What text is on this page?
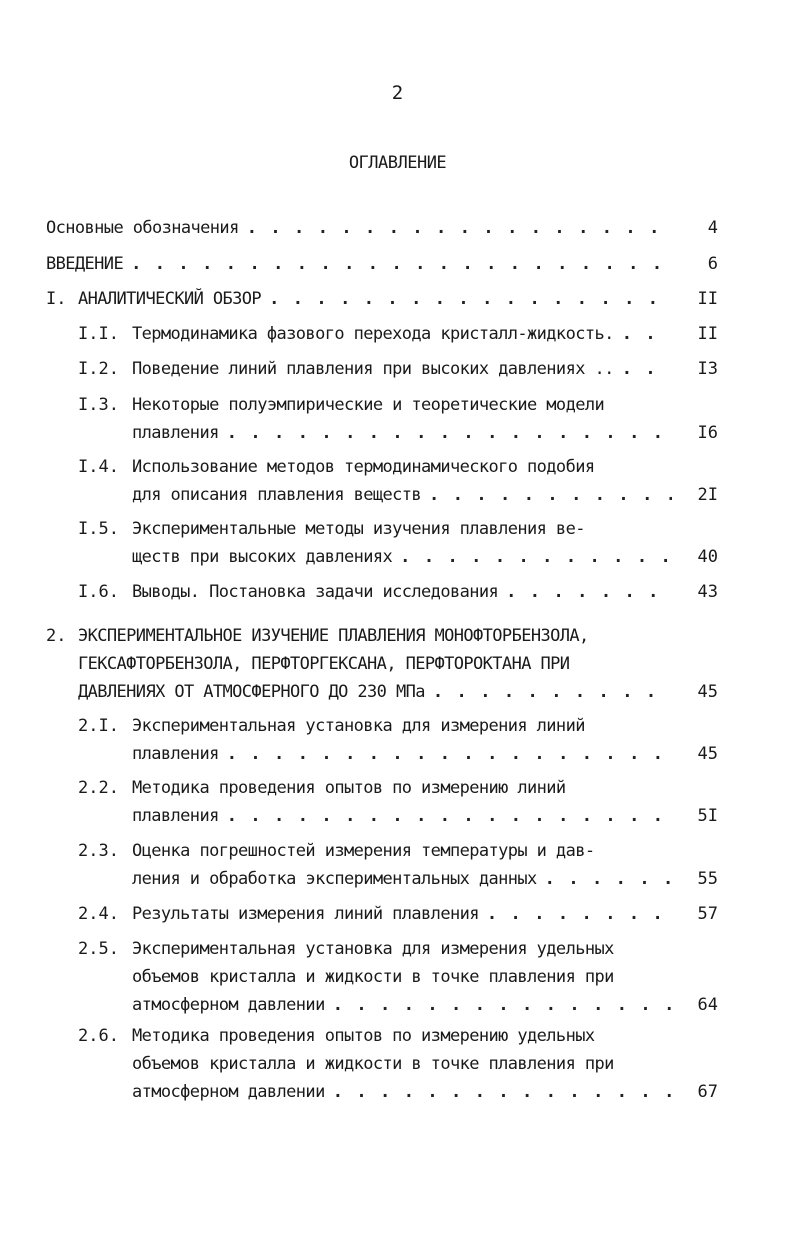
2
ОГЛАВЛЕНИЕ
Основные обозначения . . .	4
ВВЕДЕНИЕ . . .	6
I. АНАЛИТИЧЕСКИЙ ОБЗОР . . .	II
I.I. Термодинамика фазового перехода кристалл-жидкость. . . .	II
I.2. Поведение линий плавления при высоких давлениях .. . . .	I3
I.3. Некоторые полуэмпирические и теоретические модели
плавления . . .	I6
I.4. Использование методов термодинамического подобия
для описания плавления веществ . . .	2I
I.5. Экспериментальные методы изучения плавления ве-
ществ при высоких давлениях . . .	40
I.6. Выводы. Постановка задачи исследования . . .	43
2. ЭКСПЕРИМЕНТАЛЬНОЕ ИЗУЧЕНИЕ ПЛАВЛЕНИЯ МОНОФТОРБЕНЗОЛА,
ГЕКСАФТОРБЕНЗОЛА, ПЕРФТОРГЕКСАНА, ПЕРФТОРОКТАНА ПРИ
ДАВЛЕНИЯХ ОТ АТМОСФЕРНОГО ДО 230 МПа . . .	45
2.I. Экспериментальная установка для измерения линий
плавления . . .	45
2.2. Методика проведения опытов по измерению линий
плавления . . .	5I
2.3. Оценка погрешностей измерения температуры и дав-
ления и обработка экспериментальных данных . . .	55
2.4. Результаты измерения линий плавления . . .	57
2.5. Экспериментальная установка для измерения удельных
объемов кристалла и жидкости в точке плавления при
атмосферном давлении . . .	64
2.6. Методика проведения опытов по измерению удельных
объемов кристалла и жидкости в точке плавления при
атмосферном давлении . . .	67
